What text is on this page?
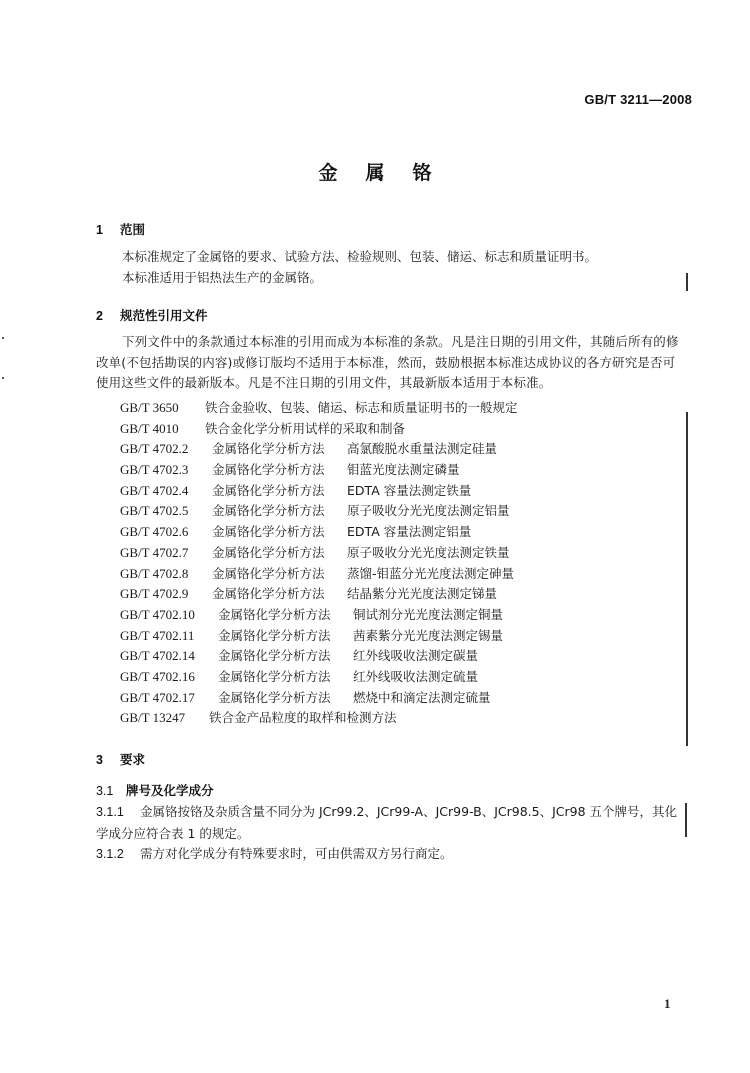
GB/T 3211—2008
金属铬
1 范围
本标准规定了金属铬的要求、试验方法、检验规则、包装、储运、标志和质量证明书。
本标准适用于铝热法生产的金属铬。
2 规范性引用文件
下列文件中的条款通过本标准的引用而成为本标准的条款。凡是注日期的引用文件，其随后所有的修改单(不包括勘误的内容)或修订版均不适用于本标准，然而，鼓励根据本标准达成协议的各方研究是否可使用这些文件的最新版本。凡是不注日期的引用文件，其最新版本适用于本标准。
GB/T 3650 铁合金验收、包装、储运、标志和质量证明书的一般规定
GB/T 4010 铁合金化学分析用试样的采取和制备
GB/T 4702.2 金属铬化学分析方法 高氯酸脱水重量法测定硅量
GB/T 4702.3 金属铬化学分析方法 钼蓝光度法测定磷量
GB/T 4702.4 金属铬化学分析方法 EDTA 容量法测定铁量
GB/T 4702.5 金属铬化学分析方法 原子吸收分光光度法测定铝量
GB/T 4702.6 金属铬化学分析方法 EDTA 容量法测定铝量
GB/T 4702.7 金属铬化学分析方法 原子吸收分光光度法测定铁量
GB/T 4702.8 金属铬化学分析方法 蒸馏-钼蓝分光光度法测定砷量
GB/T 4702.9 金属铬化学分析方法 结晶紫分光光度法测定锑量
GB/T 4702.10 金属铬化学分析方法 铜试剂分光光度法测定铜量
GB/T 4702.11 金属铬化学分析方法 茜素紫分光光度法测定锡量
GB/T 4702.14 金属铬化学分析方法 红外线吸收法测定碳量
GB/T 4702.16 金属铬化学分析方法 红外线吸收法测定硫量
GB/T 4702.17 金属铬化学分析方法 燃烧中和滴定法测定硫量
GB/T 13247 铁合金产品粒度的取样和检测方法
3 要求
3.1 牌号及化学成分
3.1.1 金属铬按铬及杂质含量不同分为 JCr99.2、JCr99-A、JCr99-B、JCr98.5、JCr98 五个牌号，其化学成分应符合表 1 的规定。
3.1.2 需方对化学成分有特殊要求时，可由供需双方另行商定。
1
